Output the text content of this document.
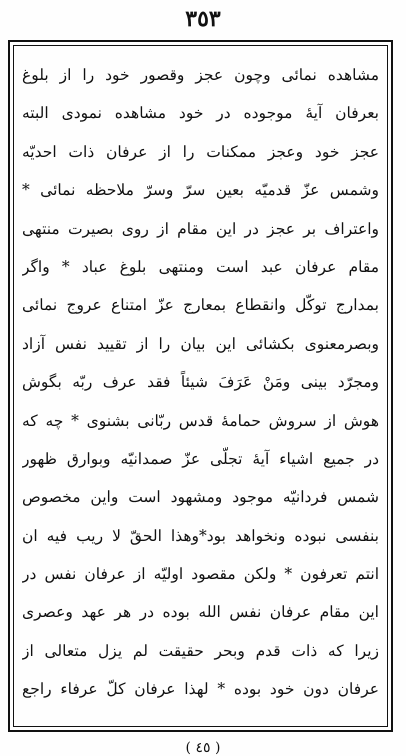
٣٥٣
مشاهده نمائی وچون عجز وقصور خود را از بلوغ
بعرفان آیهٔ موجوده در خود مشاهده نمودی البته
عجز خود وعجز ممکنات را از عرفان ذات احدیّه
وشمس عزّ قدمیّه بعین سرّ وسرّ ملاحظه نمائی *
واعتراف بر عجز در این مقام از روی بصیرت منتهی
مقام عرفان عبد است ومنتهی بلوغ عباد * واگر
بمدارج توکّل وانقطاع بمعارج عزّ امتناع عروج نمائی
وبصرمعنوی بکشائی این بیان را از تقیید نفس آزاد
ومجرّد بینی ومَنْ عَرَفَ شیئاً فقد عرف ربّه بگوش
هوش از سروش حمامهٔ قدس ربّانی بشنوی * چه که
در جمیع اشیاء آیهٔ تجلّی عزّ صمدانیّه وبوارق ظهور
شمس فردانیّه موجود ومشهود است واین مخصوص
بنفسی نبوده ونخواهد بود*وهذا الحقّ لا ریب فیه ان
انتم تعرفون * ولکن مقصود اولیّه از عرفان نفس در
این مقام عرفان نفس الله بوده در هر عهد وعصری
زیرا که ذات قدم وبحر حقیقت لم یزل متعالی از
عرفان دون خود بوده * لهذا عرفان کلّ عرفاء راجع
( ٤٥ )
